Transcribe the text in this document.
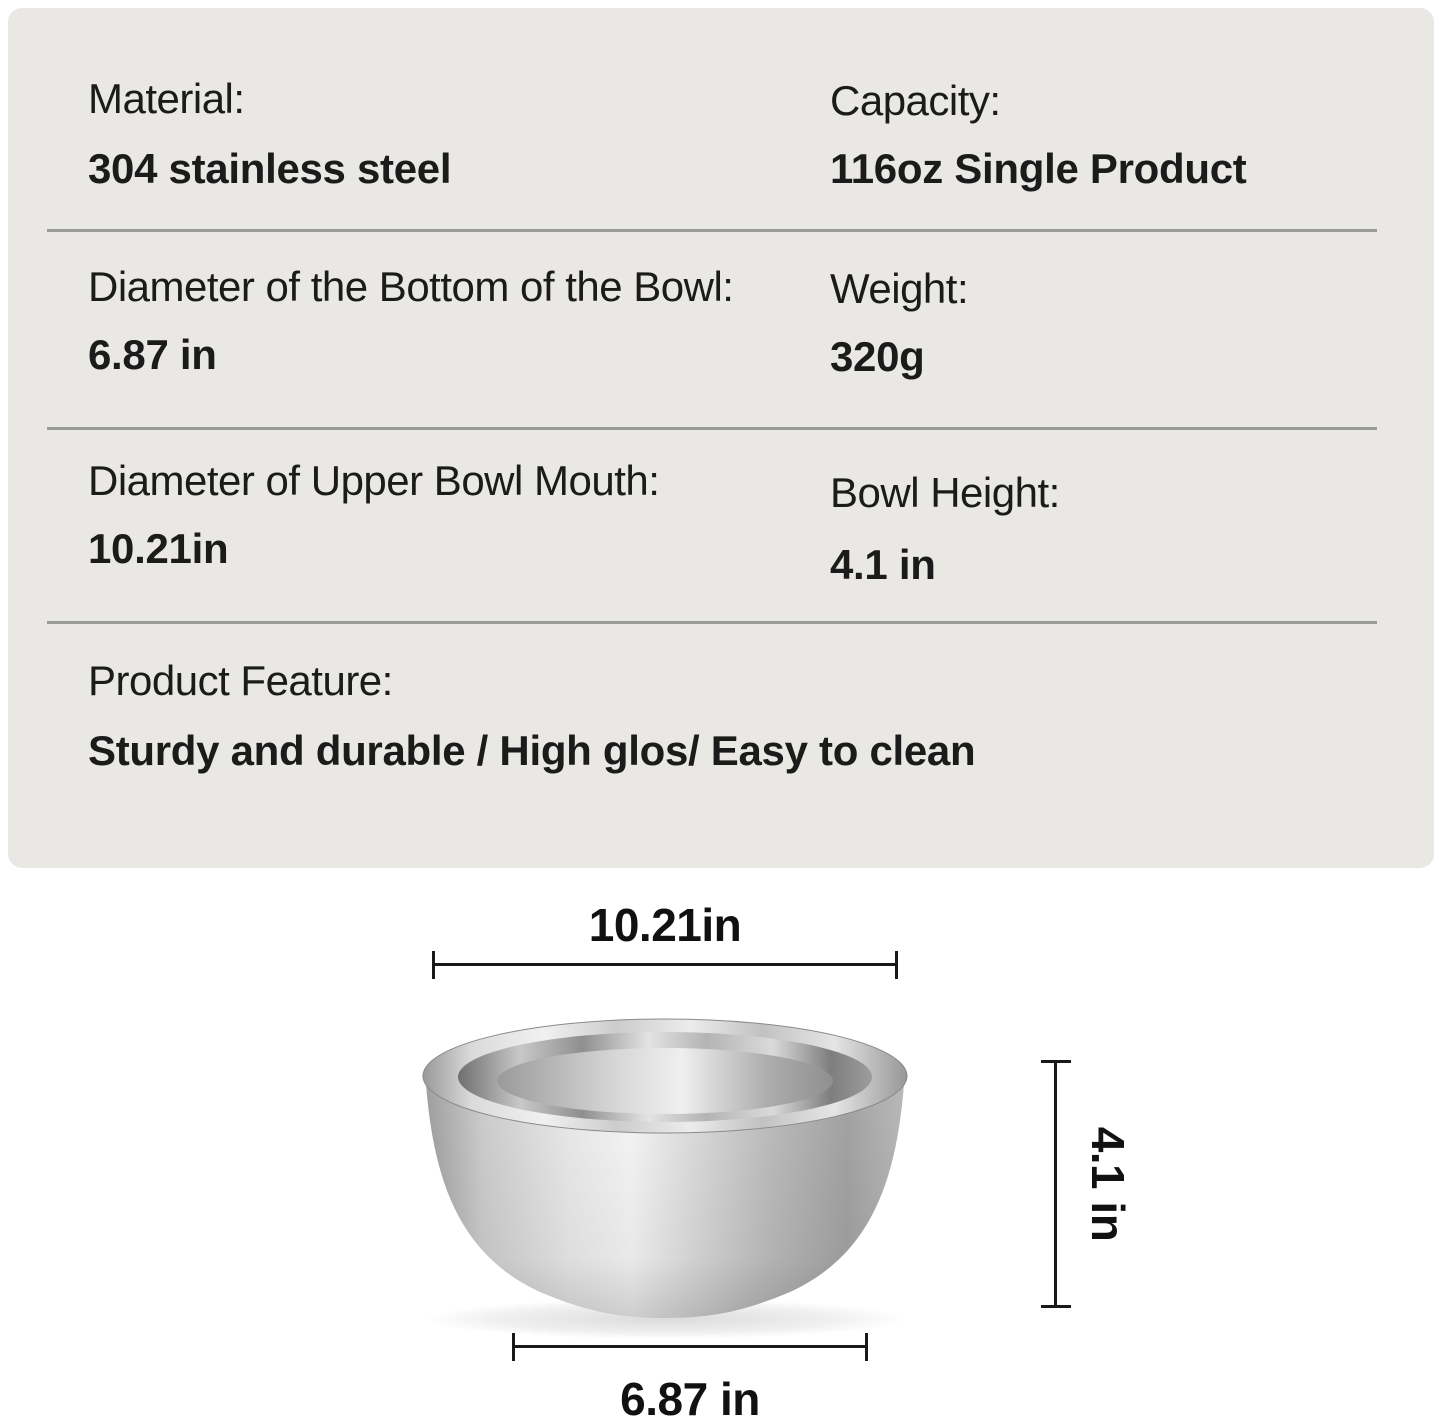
Material:
304 stainless steel
Capacity:
116oz Single Product
Diameter of the Bottom of the Bowl:
6.87 in
Weight:
320g
Diameter of Upper Bowl Mouth:
10.21in
Bowl Height:
4.1 in
Product Feature:
Sturdy and durable / High glos/ Easy to clean
10.21in
4.1 in
6.87 in
